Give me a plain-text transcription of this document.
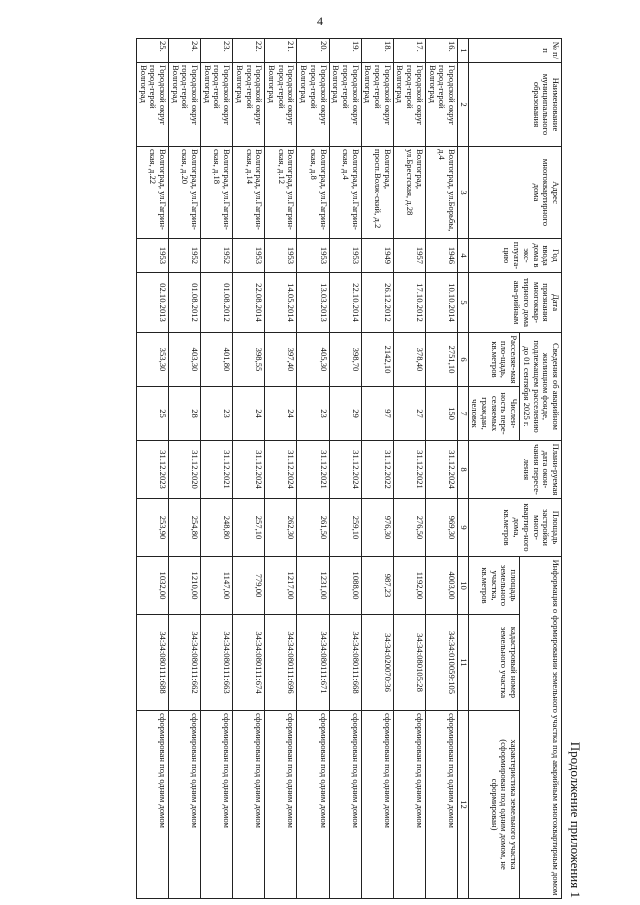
4
Продолжение приложения 1
№ п/п	Наименование муниципального образования	Адрес многоквартирного дома	Год ввода дома в экс-плуата-цию	Дата признания многоквар-тирного дома ава-рийным	Сведения об аварийном жилищном фонде, подлежащем расселению до 01 сентября 2025 г.		Плани-руемая дата окон-чания пересе-ления	Площадь застройки много-квартир-ного дома, кв.метров	Информация о формировании земельного участка под аварийным многоквартирным домом		
					Расселяе-мая пло-щадь, кв.метров	Числен-ность пере-селяемых граждан, человек			площадь земельного участка, кв.метров	кадастровый номер земельного участка	характеристика земельного участка (сформирован под одним домом, не сформирован)
1	2	3	4	5	6	7	8	9	10	11	12
16.	Городской округ город-герой Волгоград	Волгоград, ул.Борьбы, д.4	1946	10.10.2014	2751,10	150	31.12.2024	969,30	4003,00	34:34:010059:105	сформирован под одним домом
17.	Городской округ город-герой Волгоград	Волгоград, ул.Брестская, д.28	1957	17.10.2012	378,40	27	31.12.2021	276,50	1192,00	34:34:080105:28	сформирован под одним домом
18.	Городской округ город-герой Волгоград	Волгоград, просп.Волж-ский, д.2	1949	26.12.2012	2142,10	97	31.12.2022	976,30	987,23	34:34:020070:36	сформирован под одним домом
19.	Городской округ город-герой Волгоград	Волгоград, ул.Гагрин-ская, д.4	1953	22.10.2014	398,70	29	31.12.2024	259,10	1088,00	34:34:080111:668	сформирован под одним домом
20.	Городской округ город-герой Волгоград	Волгоград, ул.Гагрин-ская, д.8	1953	13.03.2013	405,30	23	31.12.2021	261,50	1231,00	34:34:080111:671	сформирован под одним домом
21.	Городской округ город-герой Волгоград	Волгоград, ул.Гагрин-ская, д.12	1953	14.05.2014	397,40	24	31.12.2024	262,30	1217,00	34:34:080111:696	сформирован под одним домом
22.	Городской округ город-герой Волгоград	Волгоград, ул.Гагрин-ская, д.14	1953	22.08.2014	398,55	24	31.12.2024	257,10	779,00	34:34:080111:674	сформирован под одним домом
23.	Городской округ город-герой Волгоград	Волгоград, ул.Гагрин-ская, д.18	1952	01.08.2012	401,80	23	31.12.2021	248,80	1147,00	34:34:080111:663	сформирован под одним домом
24.	Городской округ город-герой Волгоград	Волгоград, ул.Гагрин-ская, д.20	1952	01.08.2012	403,30	28	31.12.2020	254,80	1210,00	34:34:080111:662	сформирован под одним домом
25.	Городской округ город-герой Волгоград	Волгоград, ул.Гагрин-ская, д.22	1953	02.10.2013	353,30	25	31.12.2023	253,90	1032,00	34:34:080111:688	сформирован под одним домом
